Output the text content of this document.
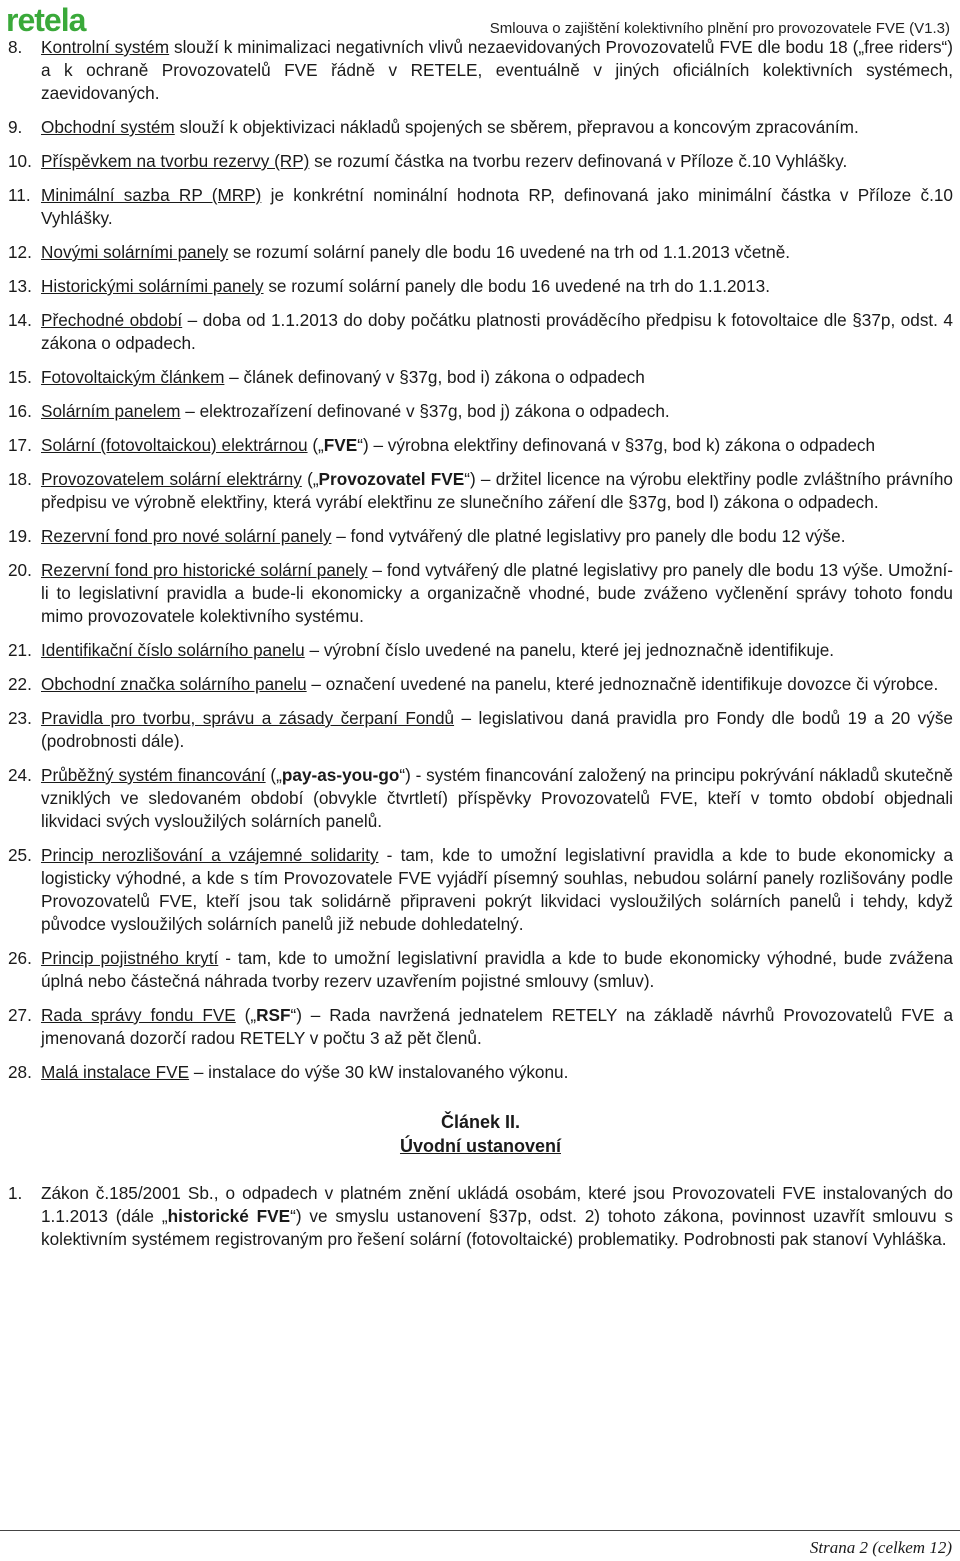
retela	Smlouva o zajištění kolektivního plnění pro provozovatele FVE (V1.3)
8. Kontrolní systém slouží k minimalizaci negativních vlivů nezaevidovaných Provozovatelů FVE dle bodu 18 („free riders“) a k ochraně Provozovatelů FVE řádně v RETELE, eventuálně v jiných oficiálních kolektivních systémech, zaevidovaných.
9. Obchodní systém slouží k objektivizaci nákladů spojených se sběrem, přepravou a koncovým zpracováním.
10. Příspěvkem na tvorbu rezervy (RP) se rozumí částka na tvorbu rezerv definovaná v Příloze č.10 Vyhlášky.
11. Minimální sazba RP (MRP) je konkrétní nominální hodnota RP, definovaná jako minimální částka v Příloze č.10 Vyhlášky.
12. Novými solárními panely se rozumí solární panely dle bodu 16 uvedené na trh od 1.1.2013 včetně.
13. Historickými solárními panely se rozumí solární panely dle bodu 16 uvedené na trh do 1.1.2013.
14. Přechodné období – doba od 1.1.2013 do doby počátku platnosti prováděcího předpisu k fotovoltaice dle §37p, odst. 4 zákona o odpadech.
15. Fotovoltaickým článkem – článek definovaný v §37g, bod i) zákona o odpadech
16. Solárním panelem – elektrozařízení definované v §37g, bod j) zákona o odpadech.
17. Solární (fotovoltaickou) elektrárnou („FVE“) – výrobna elektřiny definovaná v §37g, bod k) zákona o odpadech
18. Provozovatelem solární elektrárny („Provozovatel FVE“) – držitel licence na výrobu elektřiny podle zvláštního právního předpisu ve výrobně elektřiny, která vyrábí elektřinu ze slunečního záření dle §37g, bod l) zákona o odpadech.
19. Rezervní fond pro nové solární panely – fond vytvářený dle platné legislativy pro panely dle bodu 12 výše.
20. Rezervní fond pro historické solární panely – fond vytvářený dle platné legislativy pro panely dle bodu 13 výše. Umožní-li to legislativní pravidla a bude-li ekonomicky a organizačně vhodné, bude zváženo vyčlenění správy tohoto fondu mimo provozovatele kolektivního systému.
21. Identifikační číslo solárního panelu – výrobní číslo uvedené na panelu, které jej jednoznačně identifikuje.
22. Obchodní značka solárního panelu – označení uvedené na panelu, které jednoznačně identifikuje dovozce či výrobce.
23. Pravidla pro tvorbu, správu a zásady čerpaní Fondů – legislativou daná pravidla pro Fondy dle bodů 19 a 20 výše (podrobnosti dále).
24. Průběžný systém financování („pay-as-you-go“) - systém financování založený na principu pokrývání nákladů skutečně vzniklých ve sledovaném období (obvykle čtvrtletí) příspěvky Provozovatelů FVE, kteří v tomto období objednali likvidaci svých vysloužilých solárních panelů.
25. Princip nerozlišování a vzájemné solidarity - tam, kde to umožní legislativní pravidla a kde to bude ekonomicky a logisticky výhodné, a kde s tím Provozovatele FVE vyjádří písemný souhlas, nebudou solární panely rozlišovány podle Provozovatelů FVE, kteří jsou tak solidárně připraveni pokrýt likvidaci vysloužilých solárních panelů i tehdy, když původce vysloužilých solárních panelů již nebude dohledatelný.
26. Princip pojistného krytí - tam, kde to umožní legislativní pravidla a kde to bude ekonomicky výhodné, bude zvážena úplná nebo částečná náhrada tvorby rezerv uzavřením pojistné smlouvy (smluv).
27. Rada správy fondu FVE („RSF“) – Rada navržená jednatelem RETELY na základě návrhů Provozovatelů FVE a jmenovaná dozorčí radou RETELY v počtu 3 až pět členů.
28. Malá instalace FVE – instalace do výše 30 kW instalovaného výkonu.
Článek II.
Úvodní ustanovení
1. Zákon č.185/2001 Sb., o odpadech v platném znění ukládá osobám, které jsou Provozovateli FVE instalovaných do 1.1.2013 (dále „historické FVE“) ve smyslu ustanovení §37p, odst. 2) tohoto zákona, povinnost uzavřít smlouvu s kolektivním systémem registrovaným pro řešení solární (fotovoltaické) problematiky. Podrobnosti pak stanoví Vyhláška.
Strana 2 (celkem 12)
